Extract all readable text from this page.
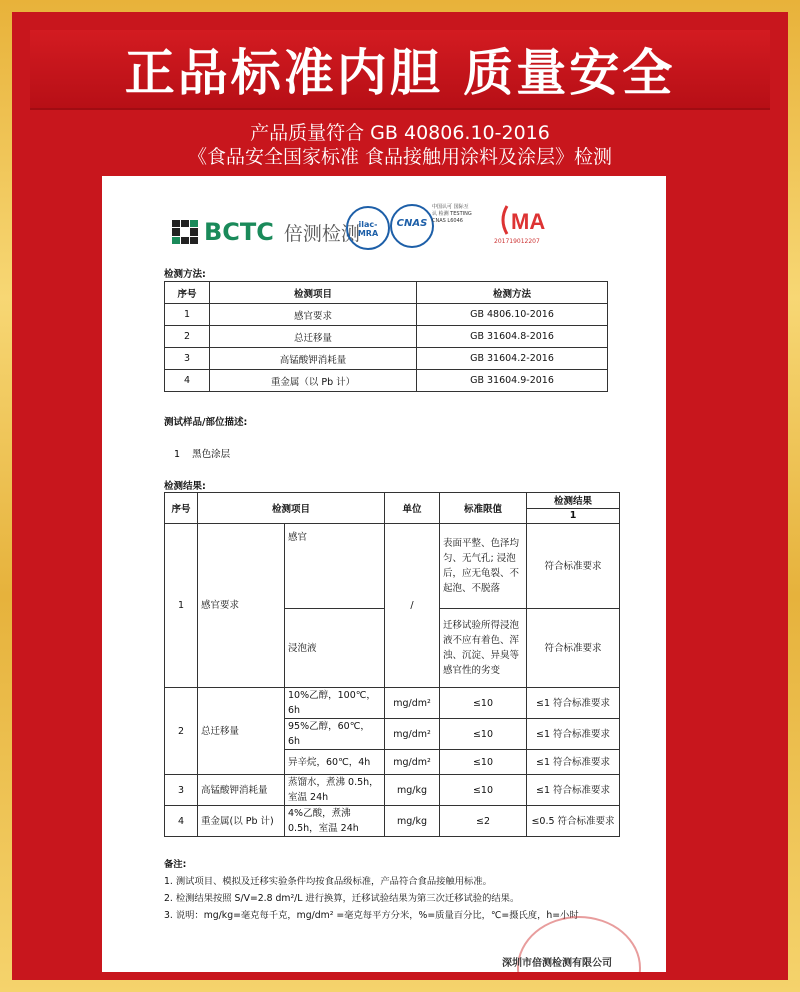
正品标准内胆 质量安全
产品质量符合 GB 40806.10-2016
《食品安全国家标准 食品接触用涂料及涂层》检测
BCTC 倍测检测
ilac-MRA
CNAS
中国认可 国际互认 检测 TESTING CNAS L6046	MA
201719012207
检测方法:
序号	检测项目	检测方法
1	感官要求	GB 4806.10-2016
2	总迁移量	GB 31604.8-2016
3	高锰酸钾消耗量	GB 31604.2-2016
4	重金属（以 Pb 计）	GB 31604.9-2016
测试样品/部位描述:
1 黑色涂层
检测结果:
序号	检测项目		单位	标准限值	检测结果
					1
1	感官要求	感官	/	表面平整、色泽均匀、无气孔; 浸泡后，应无龟裂、不起泡、不脱落	符合标准要求
		浸泡液		迁移试验所得浸泡液不应有着色、浑浊、沉淀、异臭等感官性的劣变	符合标准要求
2	总迁移量	10%乙醇，100℃，6h	mg/dm²	≤10	≤1 符合标准要求
		95%乙醇，60℃，6h	mg/dm²	≤10	≤1 符合标准要求
		异辛烷，60℃，4h	mg/dm²	≤10	≤1 符合标准要求
3	高锰酸钾消耗量	蒸馏水，煮沸 0.5h，室温 24h	mg/kg	≤10	≤1 符合标准要求
4	重金属(以 Pb 计)	4%乙酸，煮沸 0.5h，室温 24h	mg/kg	≤2	≤0.5 符合标准要求
备注:
1. 测试项目、模拟及迁移实验条件均按食品级标准，产品符合食品接触用标准。
2. 检测结果按照 S/V=2.8 dm²/L 进行换算，迁移试验结果为第三次迁移试验的结果。
3. 说明：mg/kg=毫克每千克，mg/dm² =毫克每平方分米，%=质量百分比，℃=摄氏度，h=小时
深圳市倍测检测有限公司
